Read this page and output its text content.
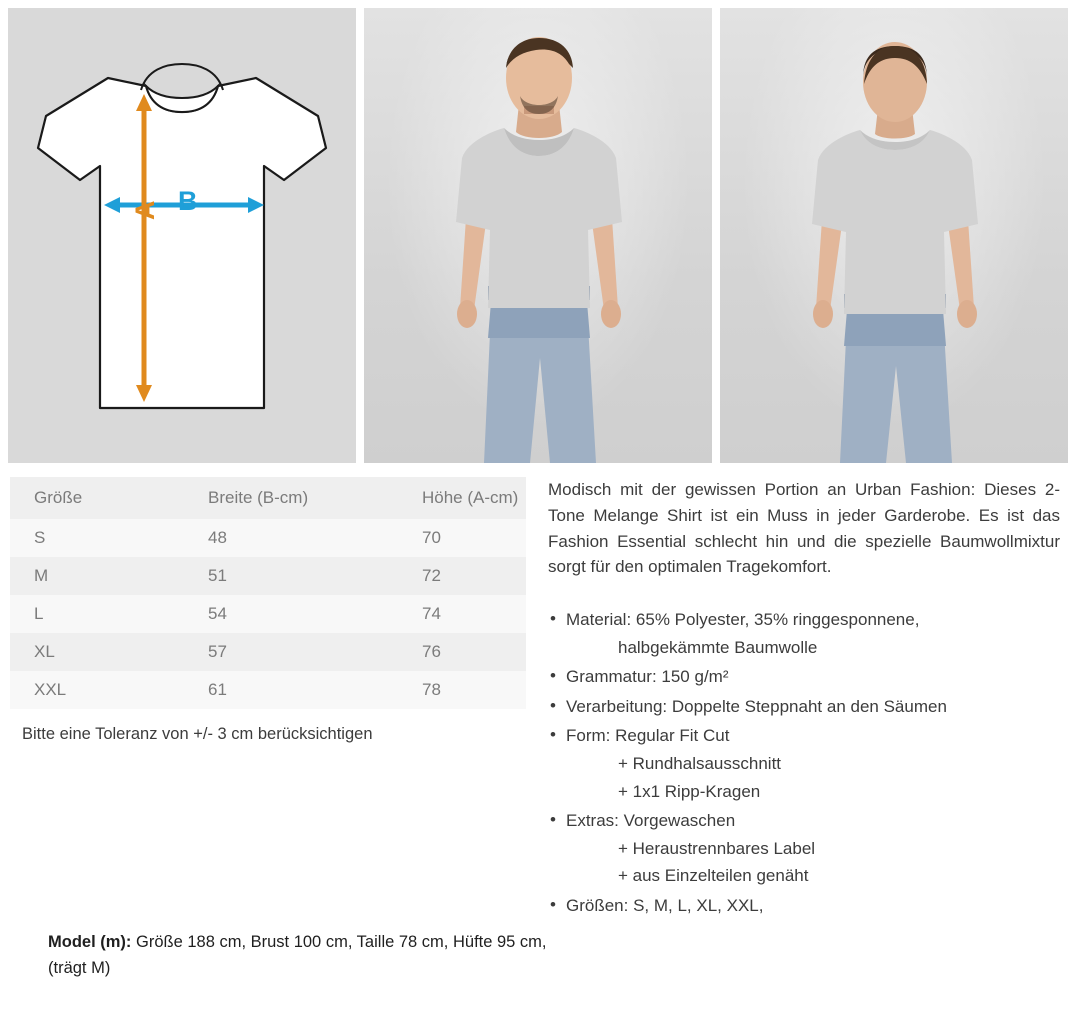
B
A
Größe	Breite (B-cm)	Höhe (A-cm)
S	48	70
M	51	72
L	54	74
XL	57	76
XXL	61	78
Bitte eine Toleranz von +/- 3 cm berücksichtigen

Modisch mit der gewissen Portion an Urban Fashion: Dieses 2-Tone Melange Shirt ist ein Muss in jeder Garderobe. Es ist das Fashion Essential schlecht hin und die spezielle Baumwollmixtur sorgt für den optimalen Tragekomfort.

• Material: 65% Polyester, 35% ringgesponnene,
halbgekämmte Baumwolle
• Grammatur: 150 g/m²
• Verarbeitung: Doppelte Steppnaht an den Säumen
• Form: Regular Fit Cut
+ Rundhalsausschnitt
+ 1x1 Ripp-Kragen
• Extras: Vorgewaschen
+ Heraustrennbares Label
+ aus Einzelteilen genäht
• Größen: S, M, L, XL, XXL,
Model (m): Größe 188 cm, Brust 100 cm, Taille 78 cm, Hüfte 95 cm, (trägt M)
